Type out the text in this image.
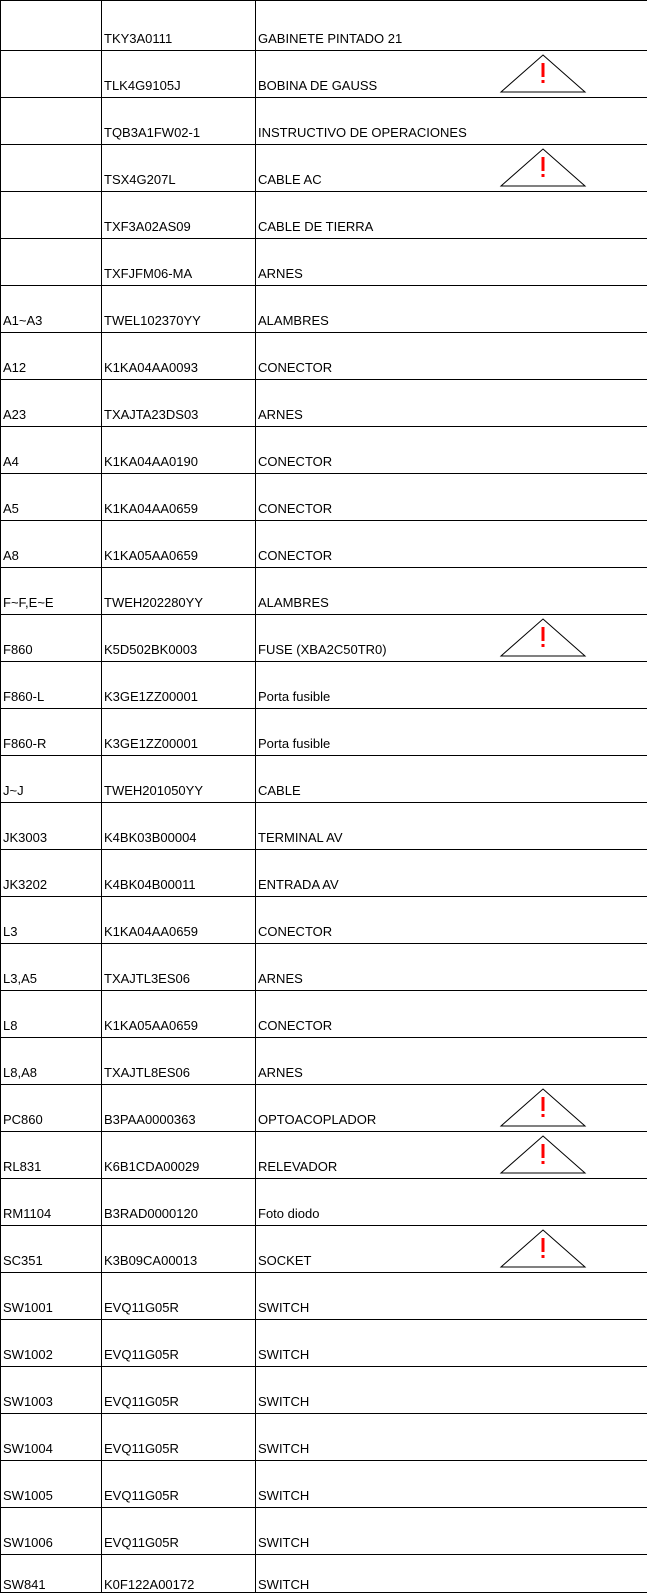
	TKY3A0111	GABINETE PINTADO 21
	TLK4G9105J	BOBINA DE GAUSS

	TQB3A1FW02-1	INSTRUCTIVO DE OPERACIONES
	TSX4G207L	CABLE AC

	TXF3A02AS09	CABLE DE TIERRA
	TXFJFM06-MA	ARNES
A1~A3	TWEL102370YY	ALAMBRES
A12	K1KA04AA0093	CONECTOR
A23	TXAJTA23DS03	ARNES
A4	K1KA04AA0190	CONECTOR
A5	K1KA04AA0659	CONECTOR
A8	K1KA05AA0659	CONECTOR
F~F,E~E	TWEH202280YY	ALAMBRES
F860	K5D502BK0003	FUSE (XBA2C50TR0)

F860-L	K3GE1ZZ00001	Porta fusible
F860-R	K3GE1ZZ00001	Porta fusible
J~J	TWEH201050YY	CABLE
JK3003	K4BK03B00004	TERMINAL AV
JK3202	K4BK04B00011	ENTRADA AV
L3	K1KA04AA0659	CONECTOR
L3,A5	TXAJTL3ES06	ARNES
L8	K1KA05AA0659	CONECTOR
L8,A8	TXAJTL8ES06	ARNES
PC860	B3PAA0000363	OPTOACOPLADOR

RL831	K6B1CDA00029	RELEVADOR

RM1104	B3RAD0000120	Foto diodo
SC351	K3B09CA00013	SOCKET

SW1001	EVQ11G05R	SWITCH
SW1002	EVQ11G05R	SWITCH
SW1003	EVQ11G05R	SWITCH
SW1004	EVQ11G05R	SWITCH
SW1005	EVQ11G05R	SWITCH
SW1006	EVQ11G05R	SWITCH
SW841	K0F122A00172	SWITCH
